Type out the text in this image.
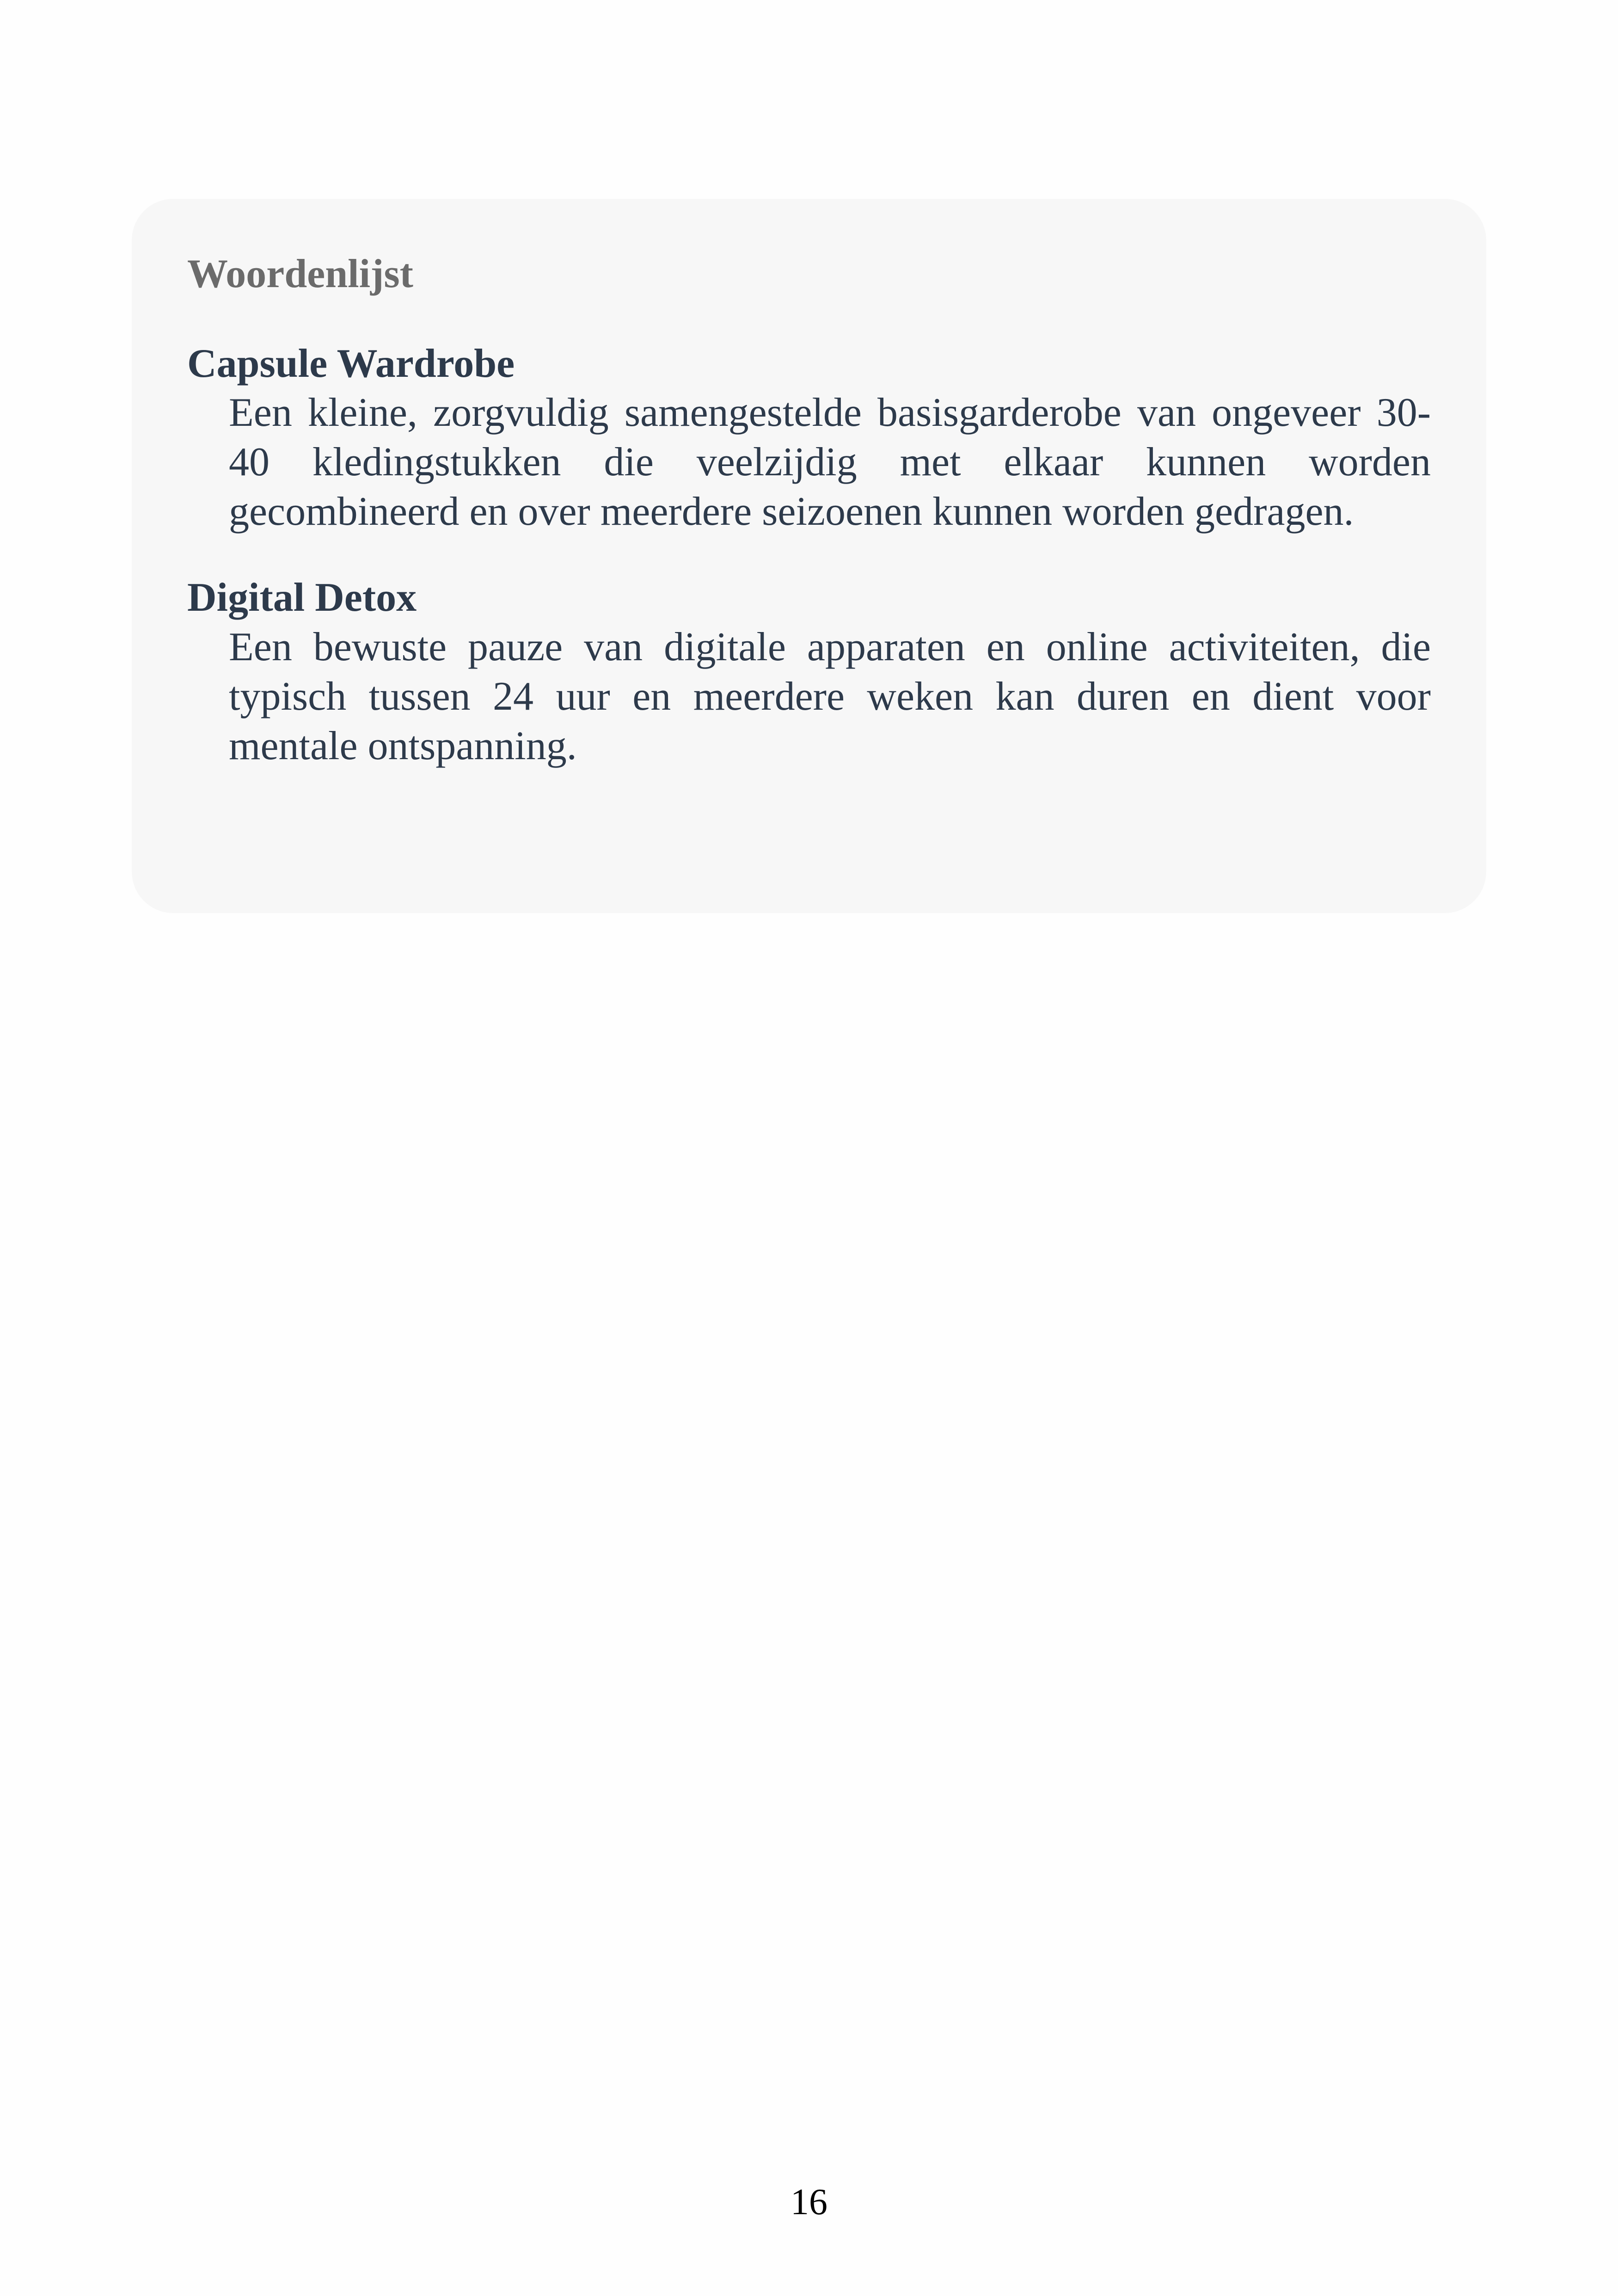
Woordenlijst
Capsule Wardrobe
Een kleine, zorgvuldig samengestelde basisgarderobe van ongeveer 30-40 kledingstukken die veelzijdig met elkaar kunnen worden gecombineerd en over meerdere seizoenen kunnen worden gedragen.
Digital Detox
Een bewuste pauze van digitale apparaten en online activiteiten, die typisch tussen 24 uur en meerdere weken kan duren en dient voor mentale ontspanning.
16
